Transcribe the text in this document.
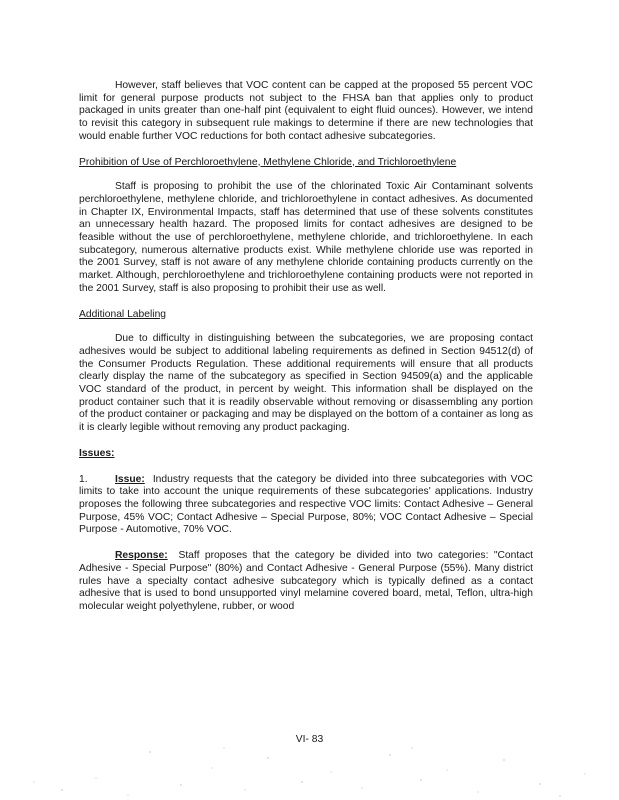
However, staff believes that VOC content can be capped at the proposed 55 percent VOC limit for general purpose products not subject to the FHSA ban that applies only to product packaged in units greater than one-half pint (equivalent to eight fluid ounces). However, we intend to revisit this category in subsequent rule makings to determine if there are new technologies that would enable further VOC reductions for both contact adhesive subcategories.

Prohibition of Use of Perchloroethylene, Methylene Chloride, and Trichloroethylene

Staff is proposing to prohibit the use of the chlorinated Toxic Air Contaminant solvents perchloroethylene, methylene chloride, and trichloroethylene in contact adhesives. As documented in Chapter IX, Environmental Impacts, staff has determined that use of these solvents constitutes an unnecessary health hazard. The proposed limits for contact adhesives are designed to be feasible without the use of perchloroethylene, methylene chloride, and trichloroethylene. In each subcategory, numerous alternative products exist. While methylene chloride use was reported in the 2001 Survey, staff is not aware of any methylene chloride containing products currently on the market. Although, perchloroethylene and trichloroethylene containing products were not reported in the 2001 Survey, staff is also proposing to prohibit their use as well.

Additional Labeling

Due to difficulty in distinguishing between the subcategories, we are proposing contact adhesives would be subject to additional labeling requirements as defined in Section 94512(d) of the Consumer Products Regulation. These additional requirements will ensure that all products clearly display the name of the subcategory as specified in Section 94509(a) and the applicable VOC standard of the product, in percent by weight. This information shall be displayed on the product container such that it is readily observable without removing or disassembling any portion of the product container or packaging and may be displayed on the bottom of a container as long as it is clearly legible without removing any product packaging.

Issues:

1.	Issue: Industry requests that the category be divided into three subcategories with VOC limits to take into account the unique requirements of these subcategories' applications. Industry proposes the following three subcategories and respective VOC limits: Contact Adhesive – General Purpose, 45% VOC; Contact Adhesive – Special Purpose, 80%; VOC Contact Adhesive – Special Purpose - Automotive, 70% VOC.

Response: Staff proposes that the category be divided into two categories: "Contact Adhesive - Special Purpose" (80%) and Contact Adhesive - General Purpose (55%). Many district rules have a specialty contact adhesive subcategory which is typically defined as a contact adhesive that is used to bond unsupported vinyl melamine covered board, metal, Teflon, ultra-high molecular weight polyethylene, rubber, or wood

VI- 83
